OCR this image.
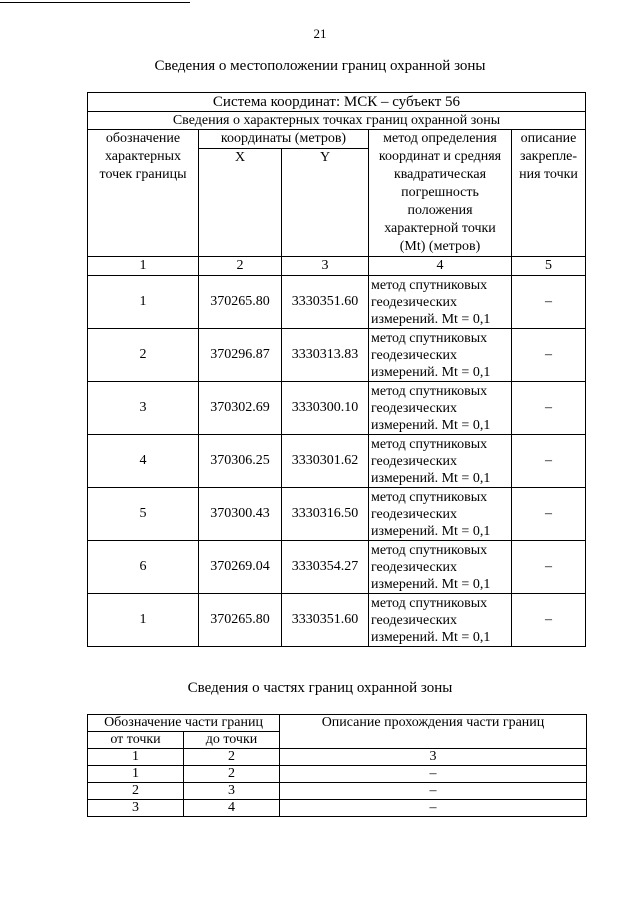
21
Сведения о местоположении границ охранной зоны
Система координат: МСК – субъект 56				
Сведения о характерных точках границ охранной зоны				
обозначение характерных точек границы	координаты (метров)		метод определения координат и средняя квадратическая погрешность положения характерной точки (Mt) (метров)	описание закрепле-ния точки
	X	Y		
1	2	3	4	5
1	370265.80	3330351.60	метод спутниковых геодезических измерений. Mt = 0,1	–
2	370296.87	3330313.83	метод спутниковых геодезических измерений. Mt = 0,1	–
3	370302.69	3330300.10	метод спутниковых геодезических измерений. Mt = 0,1	–
4	370306.25	3330301.62	метод спутниковых геодезических измерений. Mt = 0,1	–
5	370300.43	3330316.50	метод спутниковых геодезических измерений. Mt = 0,1	–
6	370269.04	3330354.27	метод спутниковых геодезических измерений. Mt = 0,1	–
1	370265.80	3330351.60	метод спутниковых геодезических измерений. Mt = 0,1	–
Сведения о частях границ охранной зоны
Обозначение части границ		Описание прохождения части границ
от точки	до точки	
1	2	3
1	2	–
2	3	–
3	4	–
